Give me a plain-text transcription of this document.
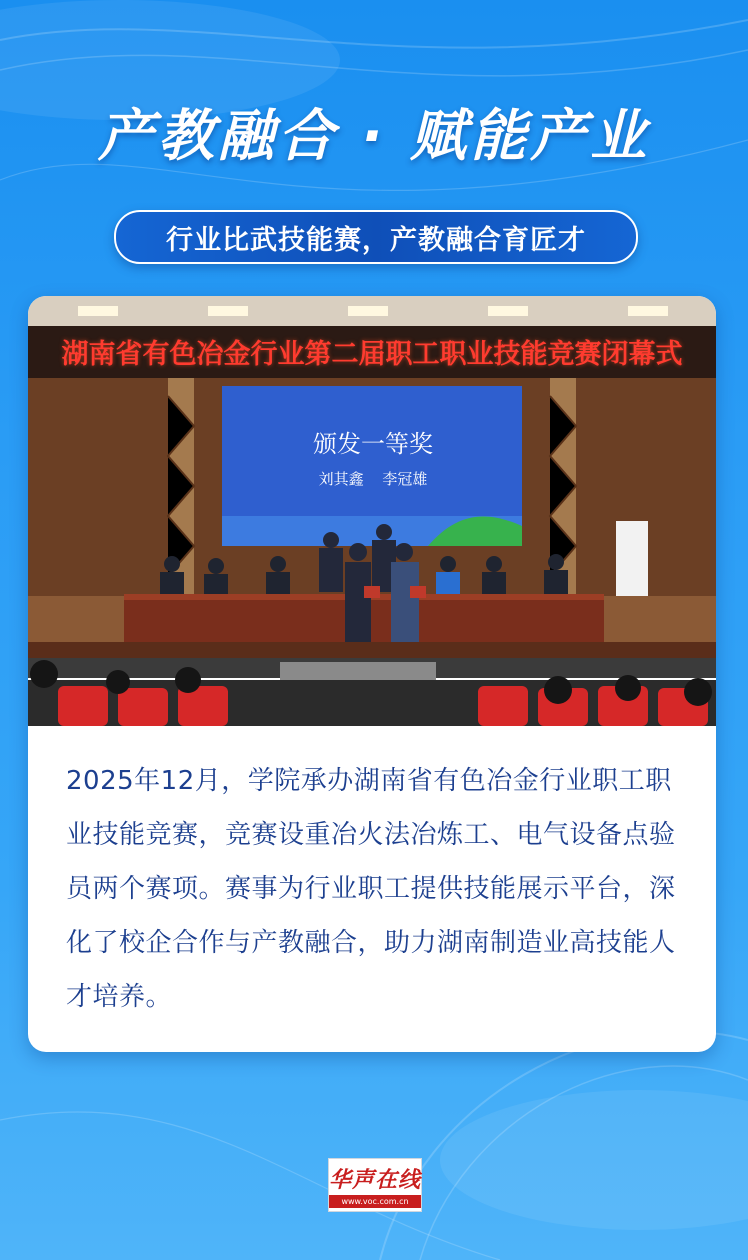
产教融合 · 赋能产业
行业比武技能赛，产教融合育匠才
湖南省有色冶金行业第二届职工职业技能竞赛闭幕式
颁发一等奖
刘其鑫 李冠雄
2025年12月，学院承办湖南省有色冶金行业职工职业技能竞赛，竞赛设重冶火法冶炼工、电气设备点验员两个赛项。赛事为行业职工提供技能展示平台，深化了校企合作与产教融合，助力湖南制造业高技能人才培养。
华声在线
www.voc.com.cn
